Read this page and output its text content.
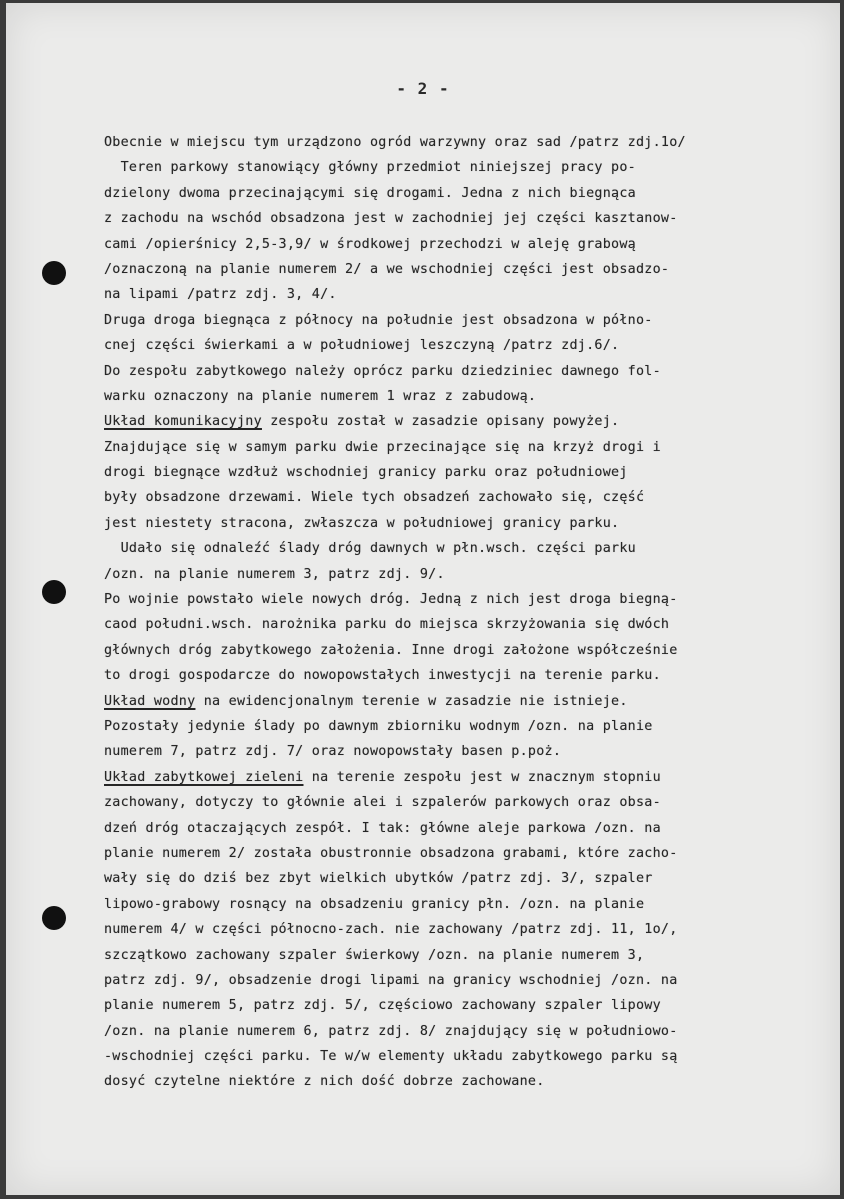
- 2 -
Obecnie w miejscu tym urządzono ogród warzywny oraz sad /patrz zdj.1o/
Teren parkowy stanowiący główny przedmiot niniejszej pracy po-
dzielony dwoma przecinającymi się drogami. Jedna z nich biegnąca
z zachodu na wschód obsadzona jest w zachodniej jej części kasztanow-
cami /opierśnicy 2,5-3,9/ w środkowej przechodzi w aleję grabową
/oznaczoną na planie numerem 2/ a we wschodniej części jest obsadzo-
na lipami /patrz zdj. 3, 4/.
Druga droga biegnąca z północy na południe jest obsadzona w półno-
cnej części świerkami a w południowej leszczyną /patrz zdj.6/.
Do zespołu zabytkowego należy oprócz parku dziedziniec dawnego fol-
warku oznaczony na planie numerem 1 wraz z zabudową.
Układ komunikacyjny zespołu został w zasadzie opisany powyżej.
Znajdujące się w samym parku dwie przecinające się na krzyż drogi i
drogi biegnące wzdłuż wschodniej granicy parku oraz południowej
były obsadzone drzewami. Wiele tych obsadzeń zachowało się, część
jest niestety stracona, zwłaszcza w południowej granicy parku.
Udało się odnaleźć ślady dróg dawnych w płn.wsch. części parku
/ozn. na planie numerem 3, patrz zdj. 9/.
Po wojnie powstało wiele nowych dróg. Jedną z nich jest droga biegną-
caod południ.wsch. narożnika parku do miejsca skrzyżowania się dwóch
głównych dróg zabytkowego założenia. Inne drogi założone współcześnie
to drogi gospodarcze do nowopowstałych inwestycji na terenie parku.
Układ wodny na ewidencjonalnym terenie w zasadzie nie istnieje.
Pozostały jedynie ślady po dawnym zbiorniku wodnym /ozn. na planie
numerem 7, patrz zdj. 7/ oraz nowopowstały basen p.poż.
Układ zabytkowej zieleni na terenie zespołu jest w znacznym stopniu
zachowany, dotyczy to głównie alei i szpalerów parkowych oraz obsa-
dzeń dróg otaczających zespół. I tak: główne aleje parkowa /ozn. na
planie numerem 2/ została obustronnie obsadzona grabami, które zacho-
wały się do dziś bez zbyt wielkich ubytków /patrz zdj. 3/, szpaler
lipowo-grabowy rosnący na obsadzeniu granicy płn. /ozn. na planie
numerem 4/ w części północno-zach. nie zachowany /patrz zdj. 11, 1o/,
szczątkowo zachowany szpaler świerkowy /ozn. na planie numerem 3,
patrz zdj. 9/, obsadzenie drogi lipami na granicy wschodniej /ozn. na
planie numerem 5, patrz zdj. 5/, częściowo zachowany szpaler lipowy
/ozn. na planie numerem 6, patrz zdj. 8/ znajdujący się w południowo-
-wschodniej części parku. Te w/w elementy układu zabytkowego parku są
dosyć czytelne niektóre z nich dość dobrze zachowane.
